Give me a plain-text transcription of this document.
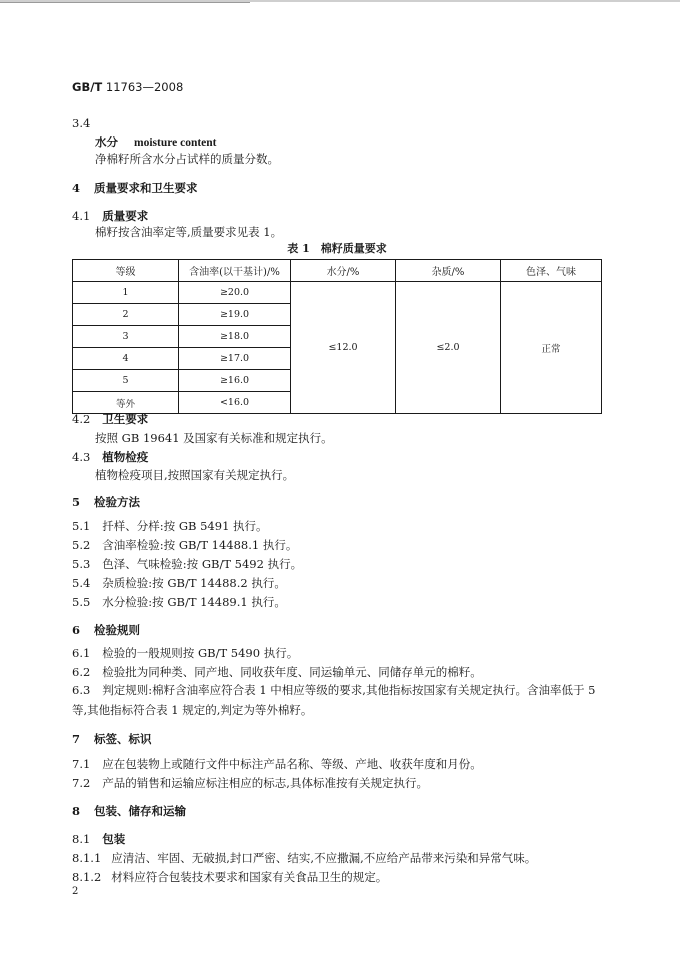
GB/T 11763—2008
3.4
水分 moisture content
净棉籽所含水分占试样的质量分数。
4 质量要求和卫生要求
4.1 质量要求
棉籽按含油率定等,质量要求见表 1。
表 1　棉籽质量要求
等级	含油率(以干基计)/%	水分/%	杂质/%	色泽、气味
1	≥20.0	≤12.0	≤2.0	正常
2	≥19.0			
3	≥18.0			
4	≥17.0			
5	≥16.0			
等外	<16.0			
4.2 卫生要求
按照 GB 19641 及国家有关标准和规定执行。
4.3 植物检疫
植物检疫项目,按照国家有关规定执行。
5 检验方法
5.1 扦样、分样:按 GB 5491 执行。
5.2 含油率检验:按 GB/T 14488.1 执行。
5.3 色泽、气味检验:按 GB/T 5492 执行。
5.4 杂质检验:按 GB/T 14488.2 执行。
5.5 水分检验:按 GB/T 14489.1 执行。
6 检验规则
6.1 检验的一般规则按 GB/T 5490 执行。
6.2 检验批为同种类、同产地、同收获年度、同运输单元、同储存单元的棉籽。
6.3 判定规则:棉籽含油率应符合表 1 中相应等级的要求,其他指标按国家有关规定执行。含油率低于 5 等,其他指标符合表 1 规定的,判定为等外棉籽。
7 标签、标识
7.1 应在包装物上或随行文件中标注产品名称、等级、产地、收获年度和月份。
7.2 产品的销售和运输应标注相应的标志,具体标准按有关规定执行。
8 包装、储存和运输
8.1 包装
8.1.1 应清洁、牢固、无破损,封口严密、结实,不应撒漏,不应给产品带来污染和异常气味。
8.1.2 材料应符合包装技术要求和国家有关食品卫生的规定。
2
